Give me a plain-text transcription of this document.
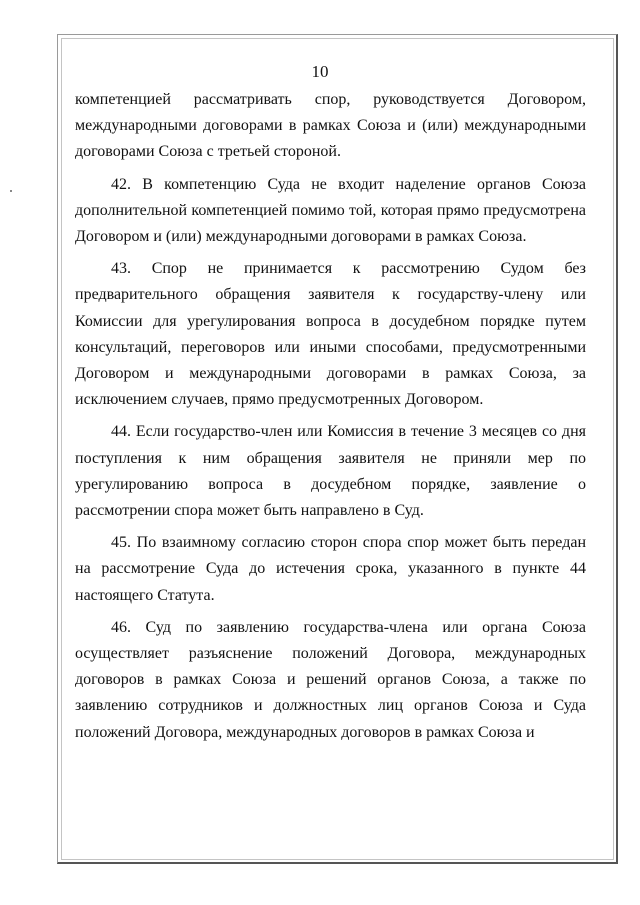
10

компетенцией рассматривать спор, руководствуется Договором, международными договорами в рамках Союза и (или) международными договорами Союза с третьей стороной.

42. В компетенцию Суда не входит наделение органов Союза дополнительной компетенцией помимо той, которая прямо предусмотрена Договором и (или) международными договорами в рамках Союза.

43. Спор не принимается к рассмотрению Судом без предварительного обращения заявителя к государству-члену или Комиссии для урегулирования вопроса в досудебном порядке путем консультаций, переговоров или иными способами, предусмотренными Договором и международными договорами в рамках Союза, за исключением случаев, прямо предусмотренных Договором.

44. Если государство-член или Комиссия в течение 3 месяцев со дня поступления к ним обращения заявителя не приняли мер по урегулированию вопроса в досудебном порядке, заявление о рассмотрении спора может быть направлено в Суд.

45. По взаимному согласию сторон спора спор может быть передан на рассмотрение Суда до истечения срока, указанного в пункте 44 настоящего Статута.

46. Суд по заявлению государства-члена или органа Союза осуществляет разъяснение положений Договора, международных договоров в рамках Союза и решений органов Союза, а также по заявлению сотрудников и должностных лиц органов Союза и Суда положений Договора, международных договоров в рамках Союза и
